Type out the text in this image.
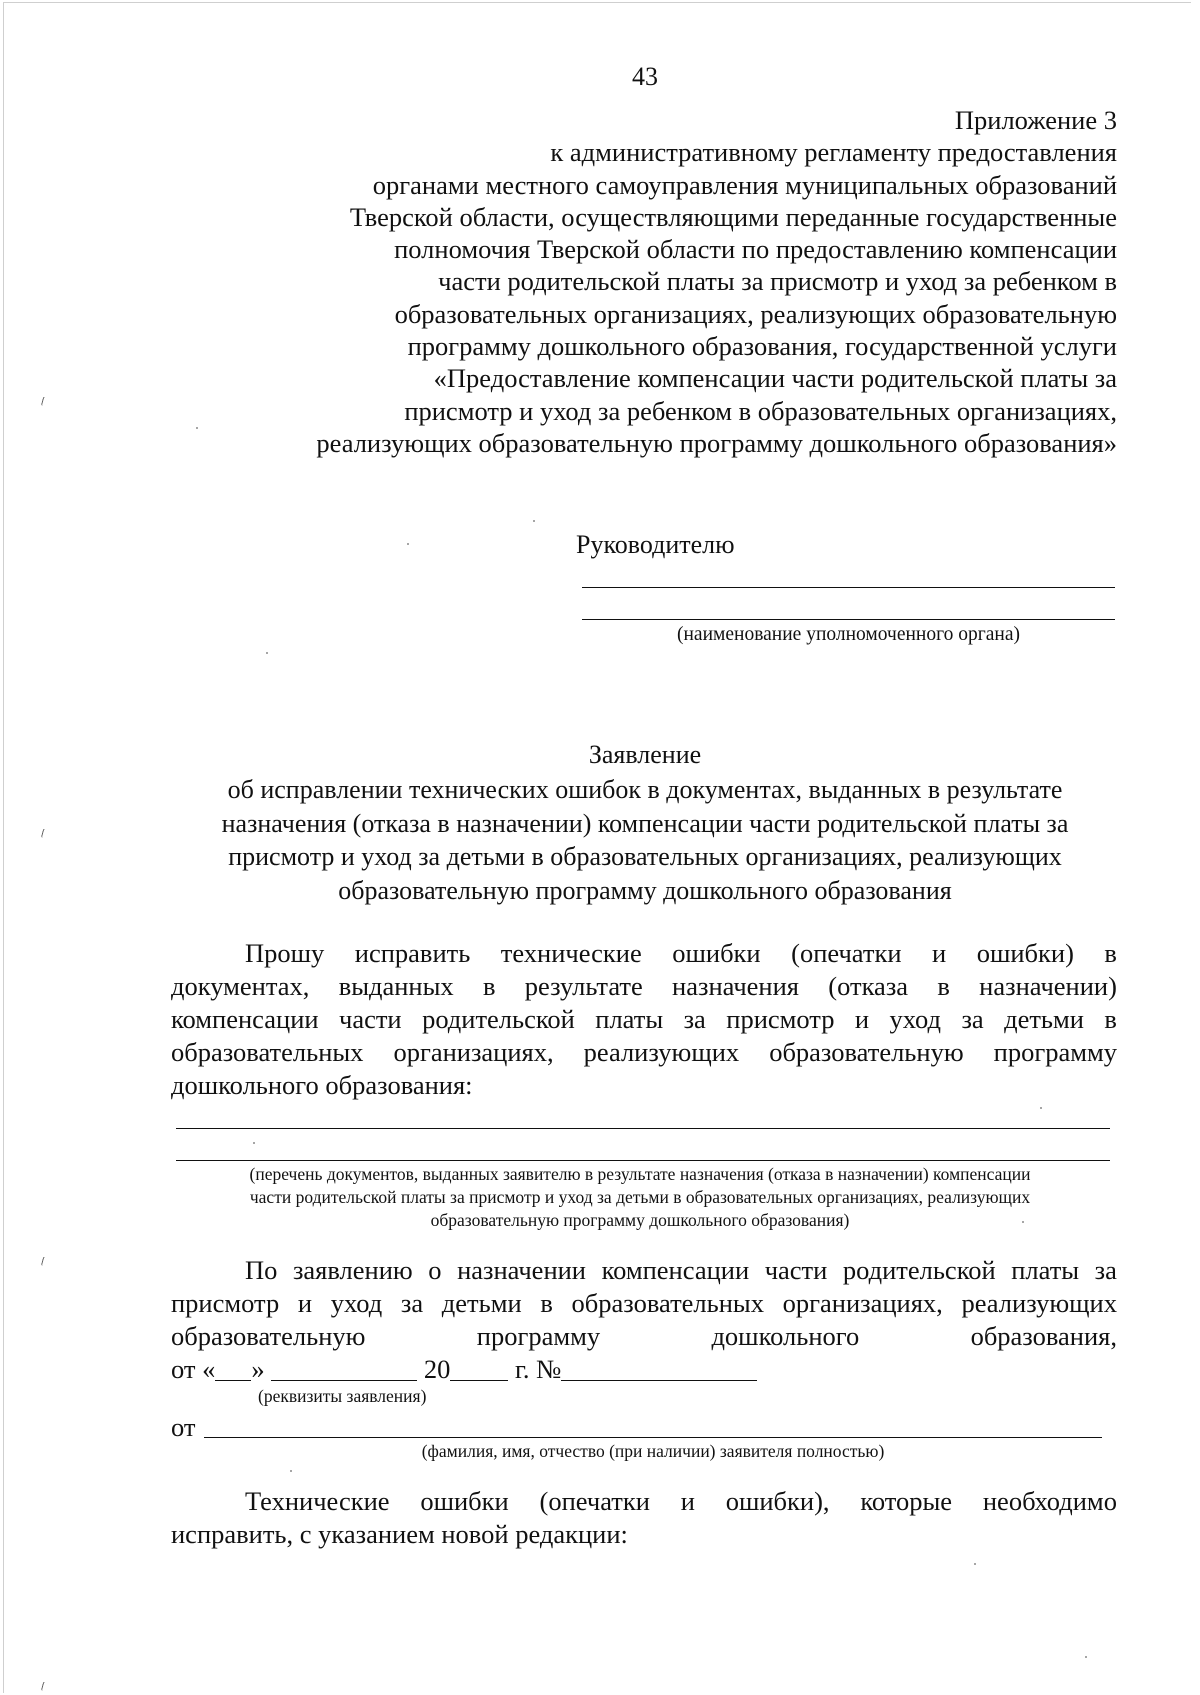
43
Приложение 3
к административному регламенту предоставления
органами местного самоуправления муниципальных образований
Тверской области, осуществляющими переданные государственные
полномочия Тверской области по предоставлению компенсации
части родительской платы за присмотр и уход за ребенком в
образовательных организациях, реализующих образовательную
программу дошкольного образования, государственной услуги
«Предоставление компенсации части родительской платы за
присмотр и уход за ребенком в образовательных организациях,
реализующих образовательную программу дошкольного образования»
Руководителю
(наименование уполномоченного органа)
Заявление
об исправлении технических ошибок в документах, выданных в результате
назначения (отказа в назначении) компенсации части родительской платы за
присмотр и уход за детьми в образовательных организациях, реализующих
образовательную программу дошкольного образования
Прошу исправить технические ошибки (опечатки и ошибки) в
документах, выданных в результате назначения (отказа в назначении)
компенсации части родительской платы за присмотр и уход за детьми в
образовательных организациях, реализующих образовательную программу
дошкольного образования:
(перечень документов, выданных заявителю в результате назначения (отказа в назначении) компенсации
части родительской платы за присмотр и уход за детьми в образовательных организациях, реализующих
образовательную программу дошкольного образования)
По заявлению о назначении компенсации части родительской платы за
присмотр и уход за детьми в образовательных организациях, реализующих
образовательную	программу	дошкольного	образования,
от « »	20 г. №
(реквизиты заявления)
от
(фамилия, имя, отчество (при наличии) заявителя полностью)
Технические ошибки (опечатки и ошибки), которые необходимо
исправить, с указанием новой редакции:
